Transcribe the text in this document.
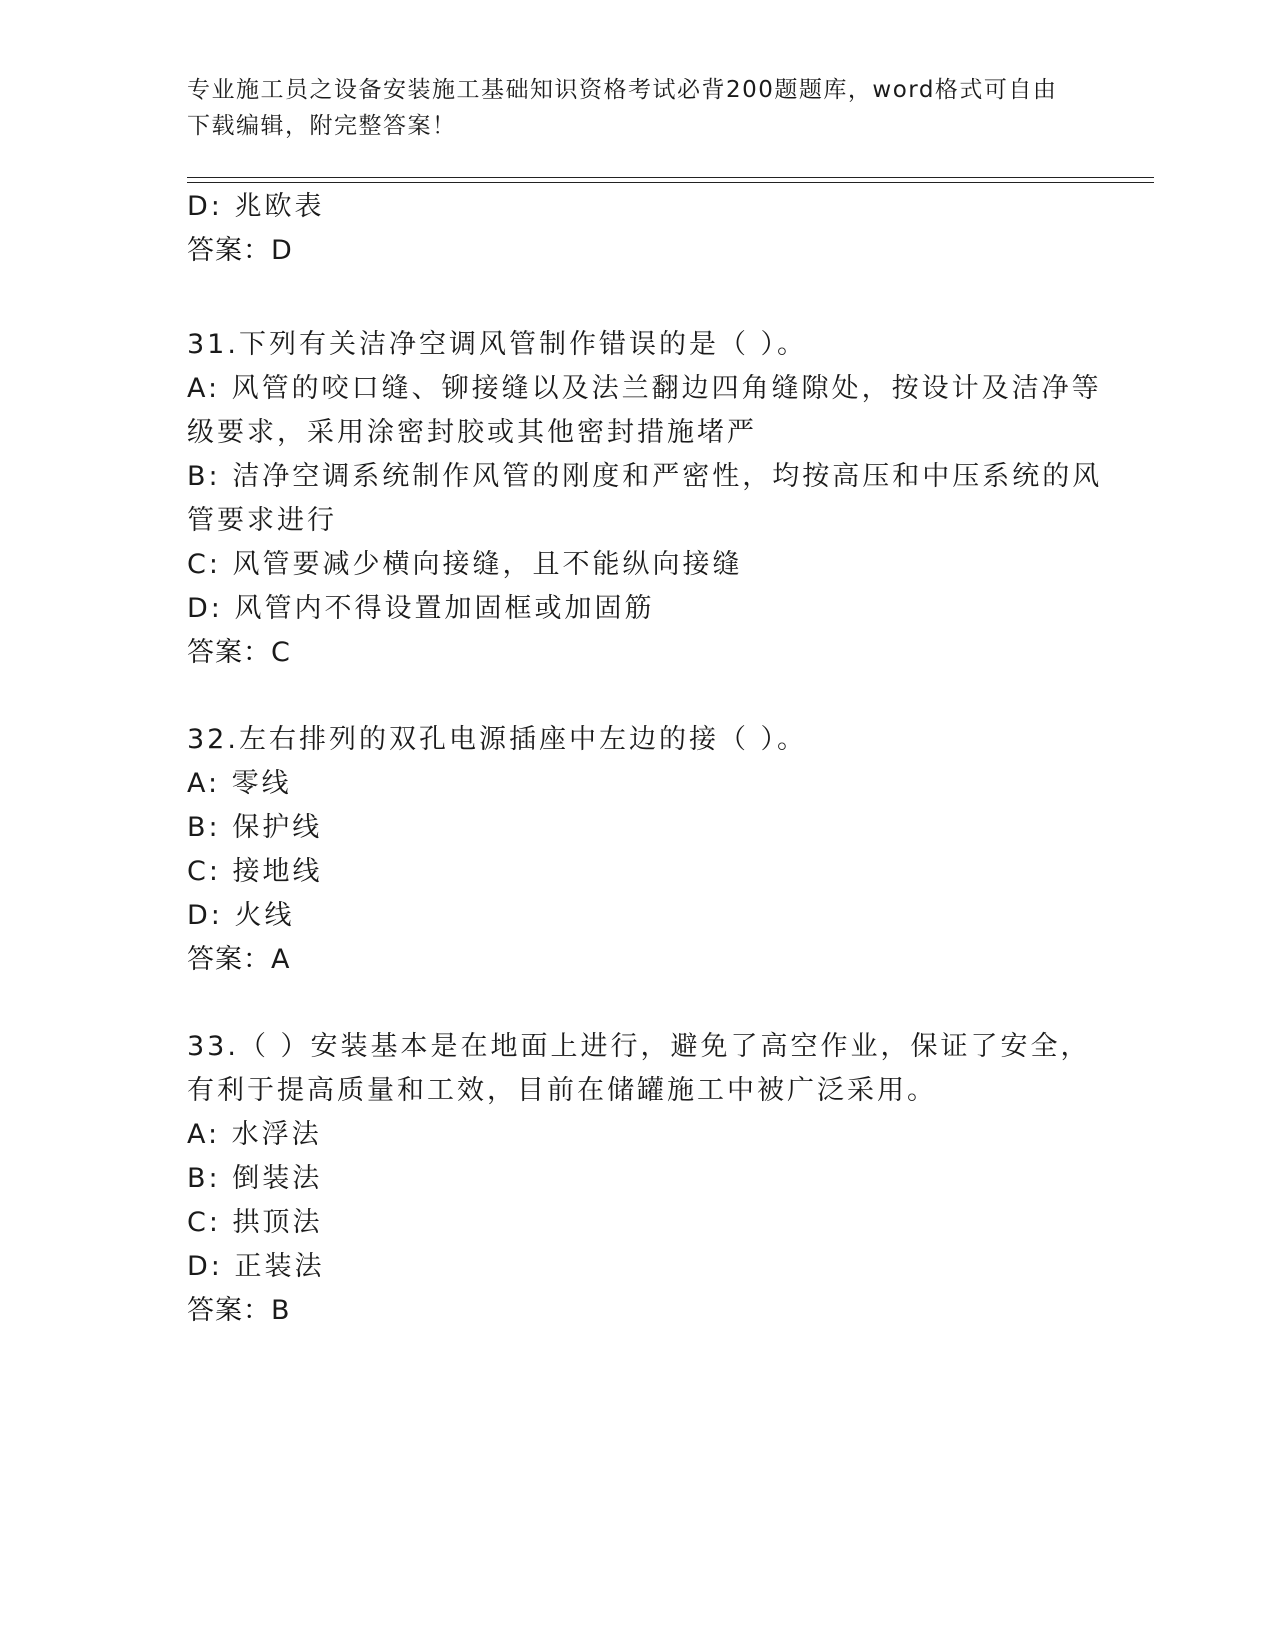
专业施工员之设备安装施工基础知识资格考试必背200题题库，word格式可自由
下载编辑，附完整答案！
D: 兆欧表
答案：D
31.下列有关洁净空调风管制作错误的是（ ）。
A: 风管的咬口缝、铆接缝以及法兰翻边四角缝隙处，按设计及洁净等
级要求，采用涂密封胶或其他密封措施堵严
B: 洁净空调系统制作风管的刚度和严密性，均按高压和中压系统的风
管要求进行
C: 风管要减少横向接缝，且不能纵向接缝
D: 风管内不得设置加固框或加固筋
答案：C
32.左右排列的双孔电源插座中左边的接（ ）。
A: 零线
B: 保护线
C: 接地线
D: 火线
答案：A
33.（ ）安装基本是在地面上进行，避免了高空作业，保证了安全，
有利于提高质量和工效，目前在储罐施工中被广泛采用。
A: 水浮法
B: 倒装法
C: 拱顶法
D: 正装法
答案：B
